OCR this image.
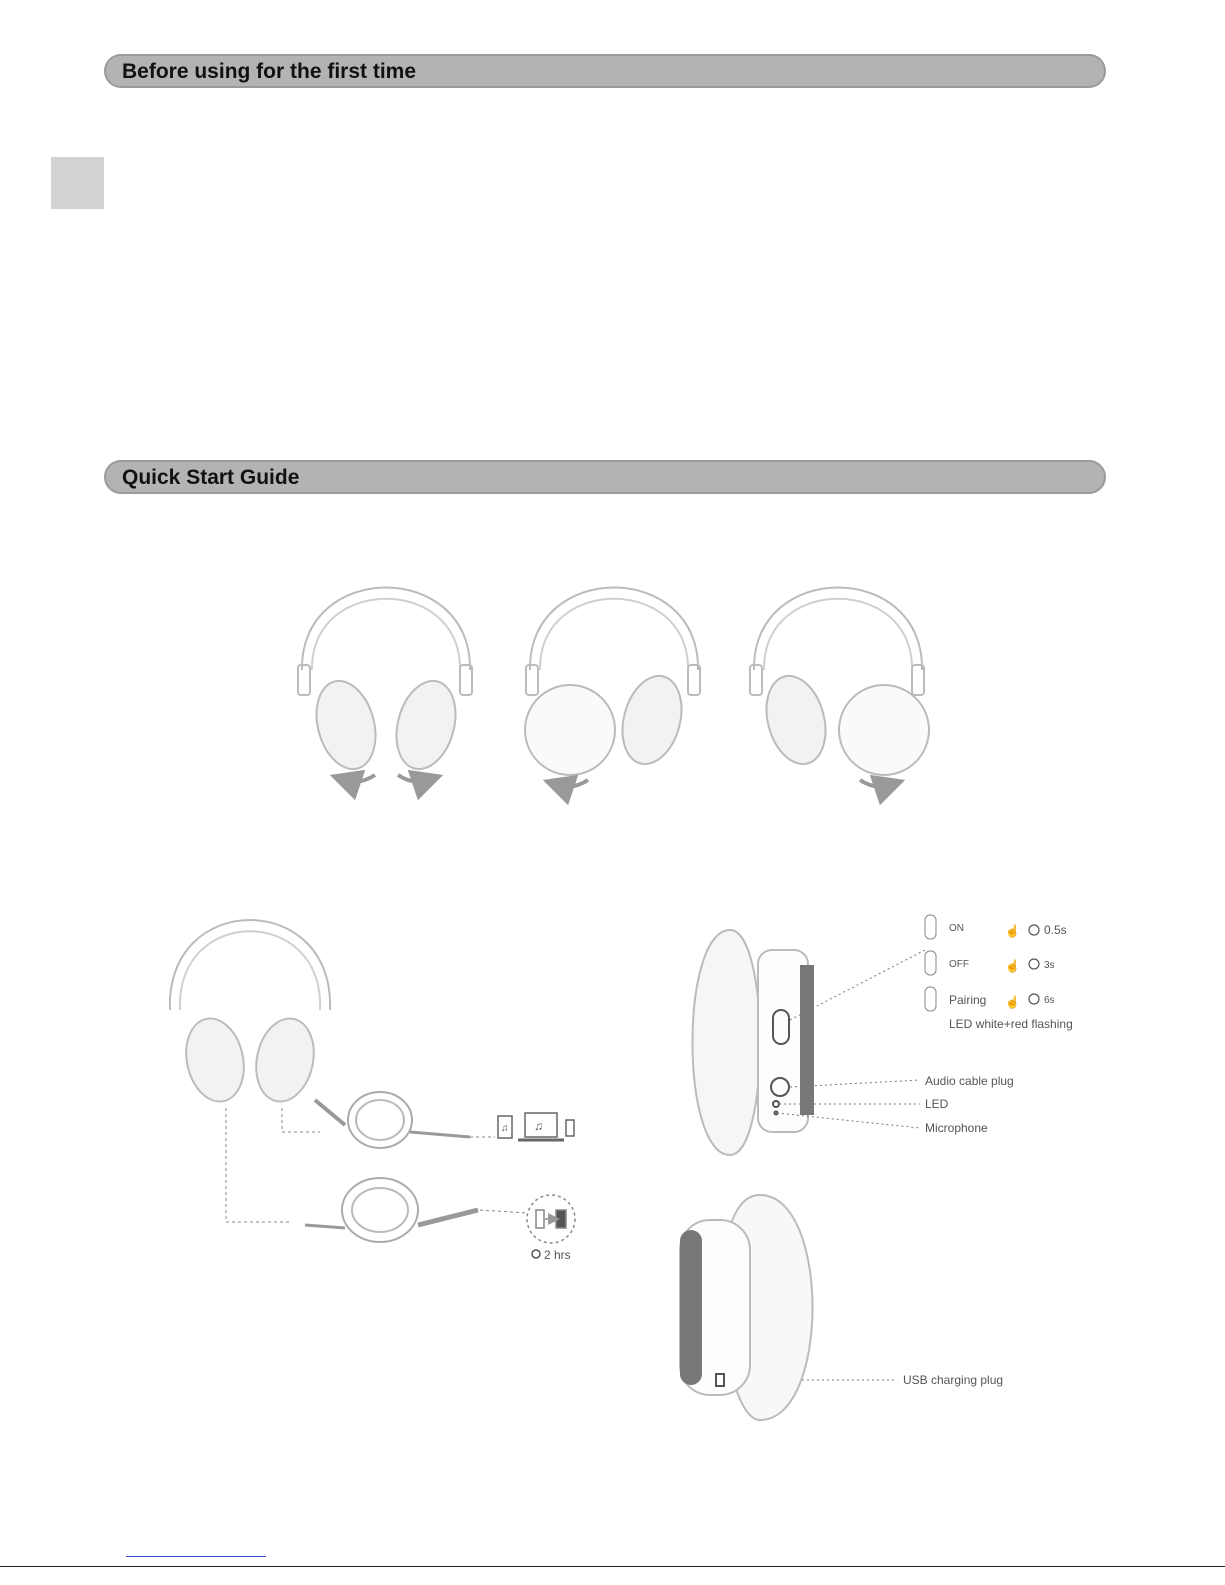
Before using for the first time
Quick Start Guide
♫ ♫
2 hrs
ON	☝ 0.5s
OFF	☝ 3s
Pairing ☝ 6s
LED white+red flashing
Audio cable plug
LED
Microphone
USB charging plug
